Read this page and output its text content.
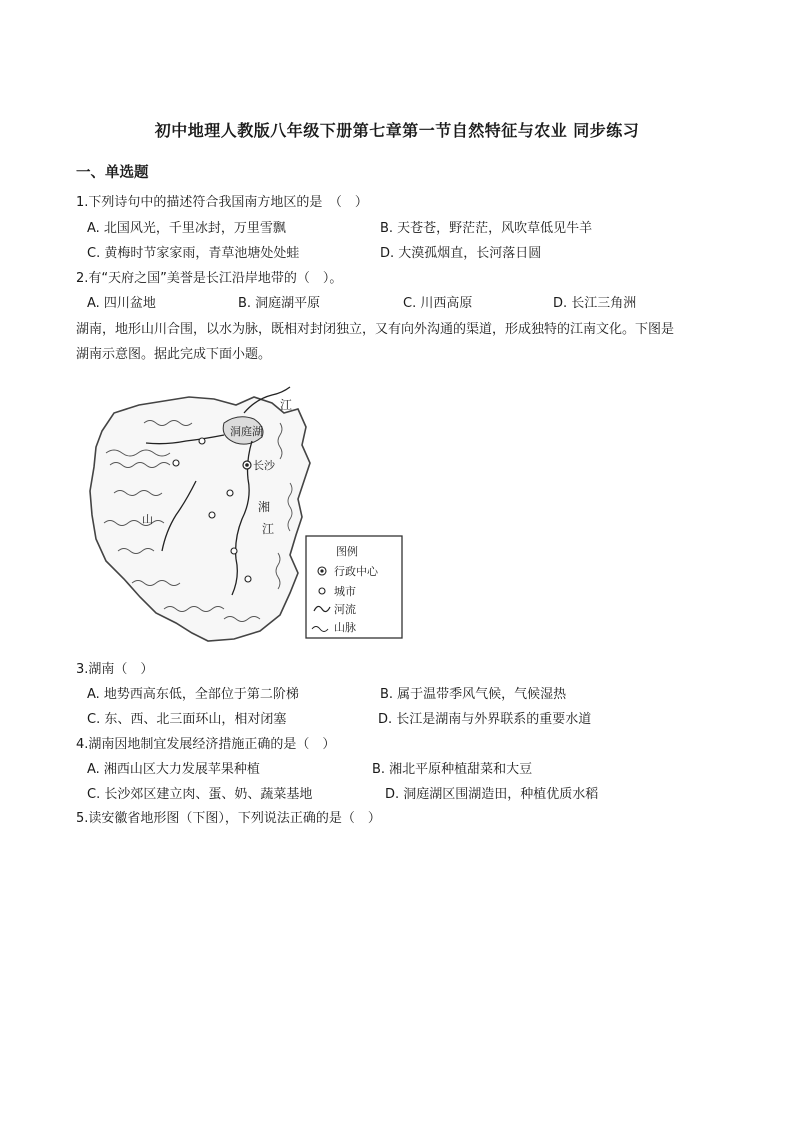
初中地理人教版八年级下册第七章第一节自然特征与农业 同步练习
一、单选题
1.下列诗句中的描述符合我国南方地区的是　（　）
A. 北国风光，千里冰封，万里雪飘	B. 天苍苍，野茫茫，风吹草低见牛羊
C. 黄梅时节家家雨，青草池塘处处蛙	D. 大漠孤烟直，长河落日圆
2.有“天府之国”美誉是长江沿岸地带的（　）。
A. 四川盆地	B. 洞庭湖平原	C. 川西高原	D. 长江三角洲
湖南，地形山川合围，以水为脉，既相对封闭独立，又有向外沟通的渠道，形成独特的江南文化。下图是
湖南示意图。据此完成下面小题。
江
洞庭湖
长沙
湘
江
山
图例
行政中心
城市
河流
山脉
3.湖南（　）
A. 地势西高东低，全部位于第二阶梯	B. 属于温带季风气候，气候湿热
C. 东、西、北三面环山，相对闭塞	D. 长江是湖南与外界联系的重要水道
4.湖南因地制宜发展经济措施正确的是（　）
A. 湘西山区大力发展苹果种植	B. 湘北平原种植甜菜和大豆
C. 长沙郊区建立肉、蛋、奶、蔬菜基地	D. 洞庭湖区围湖造田，种植优质水稻
5.读安徽省地形图（下图），下列说法正确的是（　）
